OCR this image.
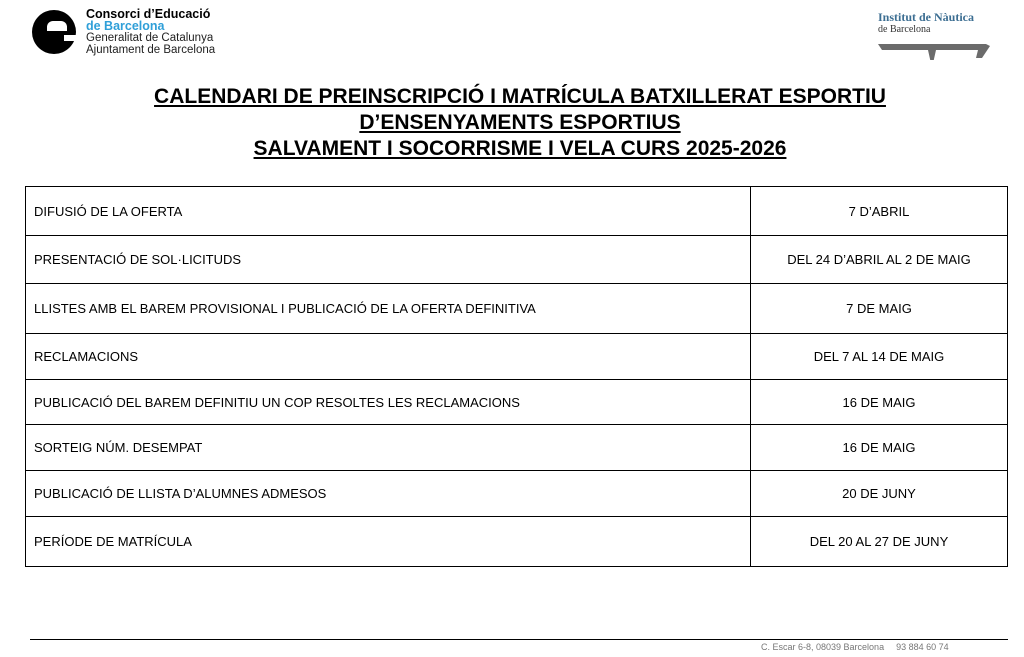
Consorci d’Educació
de Barcelona
Generalitat de Catalunya
Ajuntament de Barcelona
Institut de Nàutica
de Barcelona
CALENDARI DE PREINSCRIPCIÓ I MATRÍCULA BATXILLERAT ESPORTIU
D’ENSENYAMENTS ESPORTIUS
SALVAMENT I SOCORRISME I VELA CURS 2025-2026
DIFUSIÓ DE LA OFERTA	7 D’ABRIL
PRESENTACIÓ DE SOL·LICITUDS	DEL 24 D’ABRIL AL 2 DE MAIG
LLISTES AMB EL BAREM PROVISIONAL I PUBLICACIÓ DE LA OFERTA DEFINITIVA	7 DE MAIG
RECLAMACIONS	DEL 7 AL 14 DE MAIG
PUBLICACIÓ DEL BAREM DEFINITIU UN COP RESOLTES LES RECLAMACIONS	16 DE MAIG
SORTEIG NÚM. DESEMPAT	16 DE MAIG
PUBLICACIÓ DE LLISTA D’ALUMNES ADMESOS	20 DE JUNY
PERÍODE DE MATRÍCULA	DEL 20 AL 27 DE JUNY
C. Escar 6-8, 08039 Barcelona 93 884 60 74
